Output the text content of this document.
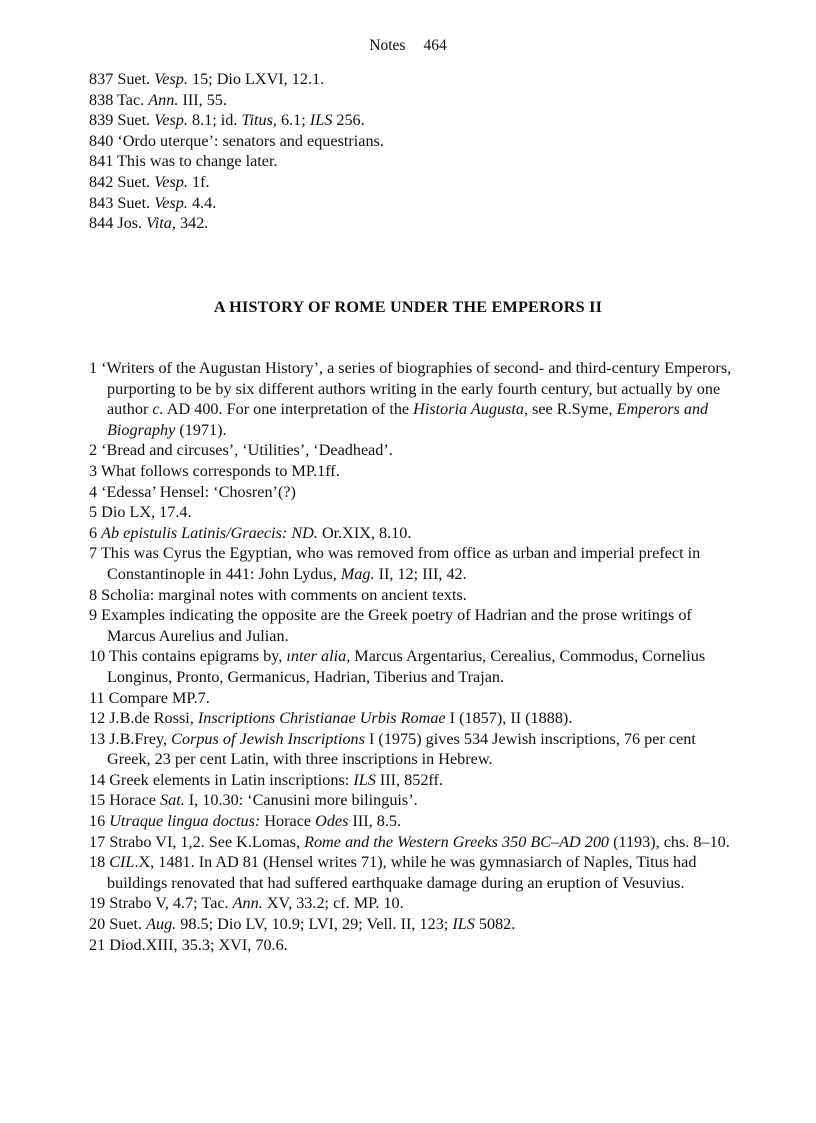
Notes 464

837 Suet. Vesp. 15; Dio LXVI, 12.1.

838 Tac. Ann. III, 55.

839 Suet. Vesp. 8.1; id. Titus, 6.1; ILS 256.

840 ‘Ordo uterque’: senators and equestrians.

841 This was to change later.

842 Suet. Vesp. 1f.

843 Suet. Vesp. 4.4.

844 Jos. Vita, 342.

A HISTORY OF ROME UNDER THE EMPERORS II

1 ‘Writers of the Augustan History’, a series of biographies of second- and third-century Emperors, purporting to be by six different authors writing in the early fourth century, but actually by one author c. AD 400. For one interpretation of the Historia Augusta, see R.Syme, Emperors and Biography (1971).

2 ‘Bread and circuses’, ‘Utilities’, ‘Deadhead’.

3 What follows corresponds to MP.1ff.

4 ‘Edessa’ Hensel: ‘Chosren’(?)

5 Dio LX, 17.4.

6 Ab epistulis Latinis/Graecis: ND. Or.XIX, 8.10.

7 This was Cyrus the Egyptian, who was removed from office as urban and imperial prefect in Constantinople in 441: John Lydus, Mag. II, 12; III, 42.

8 Scholia: marginal notes with comments on ancient texts.

9 Examples indicating the opposite are the Greek poetry of Hadrian and the prose writings of Marcus Aurelius and Julian.

10 This contains epigrams by, ınter alia, Marcus Argentarius, Cerealius, Commodus, Cornelius Longinus, Pronto, Germanicus, Hadrian, Tiberius and Trajan.

11 Compare MP.7.

12 J.B.de Rossi, Inscriptions Christianae Urbis Romae I (1857), II (1888).

13 J.B.Frey, Corpus of Jewish Inscriptions I (1975) gives 534 Jewish inscriptions, 76 per cent Greek, 23 per cent Latin, with three inscriptions in Hebrew.

14 Greek elements in Latin inscriptions: ILS III, 852ff.

15 Horace Sat. I, 10.30: ‘Canusini more bilinguis’.

16 Utraque lingua doctus: Horace Odes III, 8.5.

17 Strabo VI, 1,2. See K.Lomas, Rome and the Western Greeks 350 BC–AD 200 (1193), chs. 8–10.

18 CIL.X, 1481. In AD 81 (Hensel writes 71), while he was gymnasiarch of Naples, Titus had buildings renovated that had suffered earthquake damage during an eruption of Vesuvius.

19 Strabo V, 4.7; Tac. Ann. XV, 33.2; cf. MP. 10.

20 Suet. Aug. 98.5; Dio LV, 10.9; LVI, 29; Vell. II, 123; ILS 5082.

21 Diod.XIII, 35.3; XVI, 70.6.
